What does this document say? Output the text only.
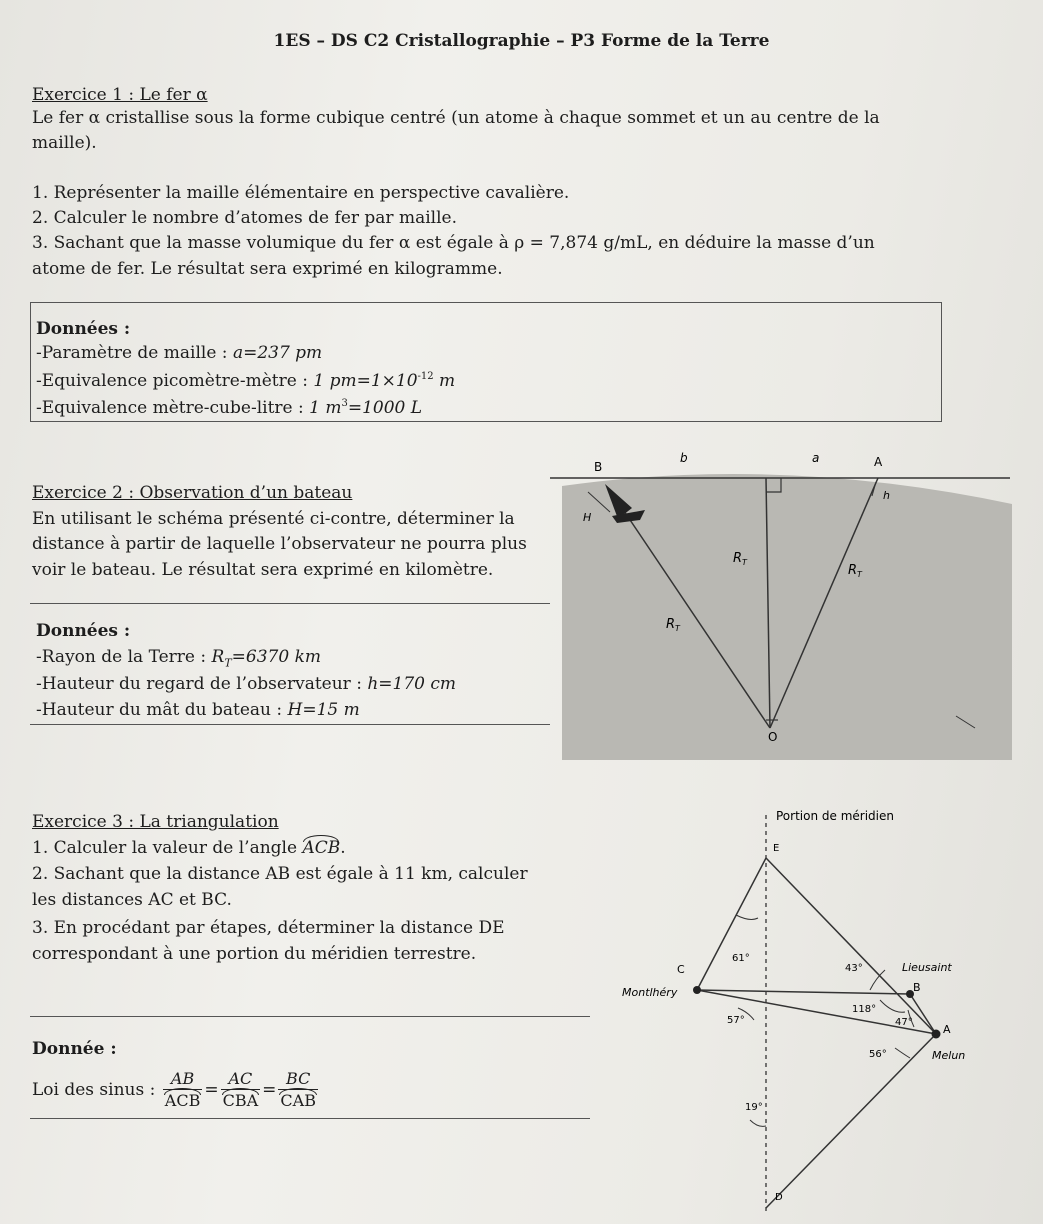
1ES – DS C2 Cristallographie – P3 Forme de la Terre
Exercice 1 : Le fer α
Le fer α cristallise sous la forme cubique centré (un atome à chaque sommet et un au centre de la
maille).
1. Représenter la maille élémentaire en perspective cavalière.
2. Calculer le nombre d’atomes de fer par maille.
3. Sachant que la masse volumique du fer α est égale à ρ = 7,874 g/mL, en déduire la masse d’un
atome de fer. Le résultat sera exprimé en kilogramme.
Données :
-Paramètre de maille : a=237 pm
-Equivalence picomètre-mètre : 1 $pm=1\times 10^{-12}$ m
-Equivalence mètre-cube-litre : 1 $m^3=1000$ L
B
b	a	A
H
h
$R_T$
$R_T$
$R_T$
O
Exercice 2 : Observation d’un bateau
En utilisant le schéma présenté ci-contre, déterminer la
distance à partir de laquelle l’observateur ne pourra plus
voir le bateau. Le résultat sera exprimé en kilomètre.
Données :
-Rayon de la Terre : $R_T=6370$ km
-Hauteur du regard de l’observateur : h=170 cm
-Hauteur du mât du bateau : H=15 m
Portion de méridien
E
C
Montlhéry
Lieusaint
B
A
Melun
D
61°
43°
118°
57°	47°
56°
19°
Exercice 3 : La triangulation
1. Calculer la valeur de l’angle
ACB.
2. Sachant que la distance AB est égale à 11 km, calculer
les distances AC et BC.
3. En procédant par étapes, déterminer la distance DE
correspondant à une portion du méridien terrestre.
Donnée :
Loi des sinus : $\frac{AB}{\text{ACB}} = \frac{AC}{\text{CBA}} = \frac{BC}{\text{CAB}}$
